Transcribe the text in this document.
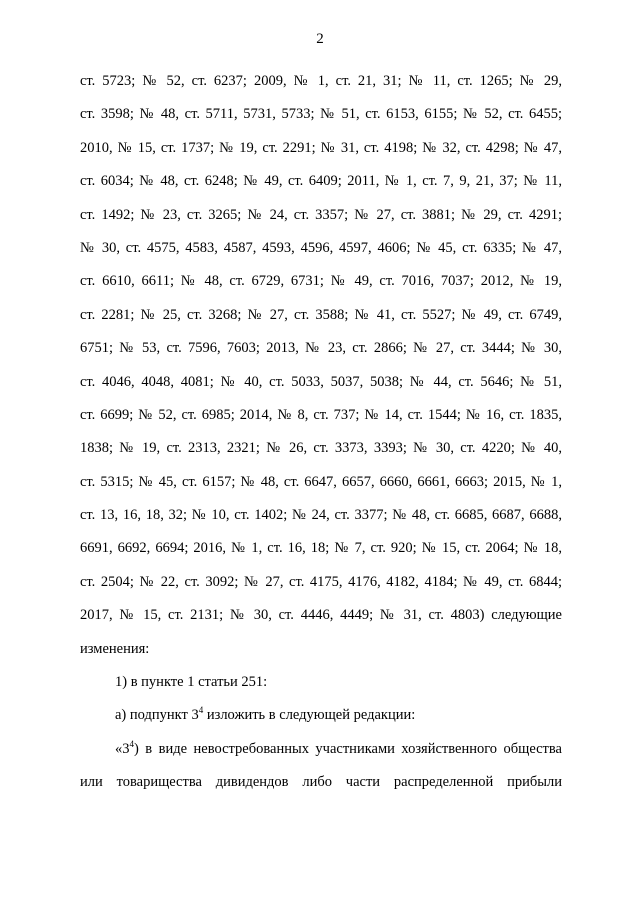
2
ст. 5723; № 52, ст. 6237; 2009, № 1, ст. 21, 31; № 11, ст. 1265; № 29,
ст. 3598; № 48, ст. 5711, 5731, 5733; № 51, ст. 6153, 6155; № 52, ст. 6455;
2010, № 15, ст. 1737; № 19, ст. 2291; № 31, ст. 4198; № 32, ст. 4298; № 47,
ст. 6034; № 48, ст. 6248; № 49, ст. 6409; 2011, № 1, ст. 7, 9, 21, 37; № 11,
ст. 1492; № 23, ст. 3265; № 24, ст. 3357; № 27, ст. 3881; № 29, ст. 4291;
№ 30, ст. 4575, 4583, 4587, 4593, 4596, 4597, 4606; № 45, ст. 6335; № 47,
ст. 6610, 6611; № 48, ст. 6729, 6731; № 49, ст. 7016, 7037; 2012, № 19,
ст. 2281; № 25, ст. 3268; № 27, ст. 3588; № 41, ст. 5527; № 49, ст. 6749,
6751; № 53, ст. 7596, 7603; 2013, № 23, ст. 2866; № 27, ст. 3444; № 30,
ст. 4046, 4048, 4081; № 40, ст. 5033, 5037, 5038; № 44, ст. 5646; № 51,
ст. 6699; № 52, ст. 6985; 2014, № 8, ст. 737; № 14, ст. 1544; № 16, ст. 1835,
1838; № 19, ст. 2313, 2321; № 26, ст. 3373, 3393; № 30, ст. 4220; № 40,
ст. 5315; № 45, ст. 6157; № 48, ст. 6647, 6657, 6660, 6661, 6663; 2015, № 1,
ст. 13, 16, 18, 32; № 10, ст. 1402; № 24, ст. 3377; № 48, ст. 6685, 6687, 6688,
6691, 6692, 6694; 2016, № 1, ст. 16, 18; № 7, ст. 920; № 15, ст. 2064; № 18,
ст. 2504; № 22, ст. 3092; № 27, ст. 4175, 4176, 4182, 4184; № 49, ст. 6844;
2017, № 15, ст. 2131; № 30, ст. 4446, 4449; № 31, ст. 4803) следующие
изменения:
1) в пункте 1 статьи 251:
а) подпункт $3^4$ изложить в следующей редакции:
«$3^4$) в виде невостребованных участниками хозяйственного общества
или товарищества дивидендов либо части распределенной прибыли
